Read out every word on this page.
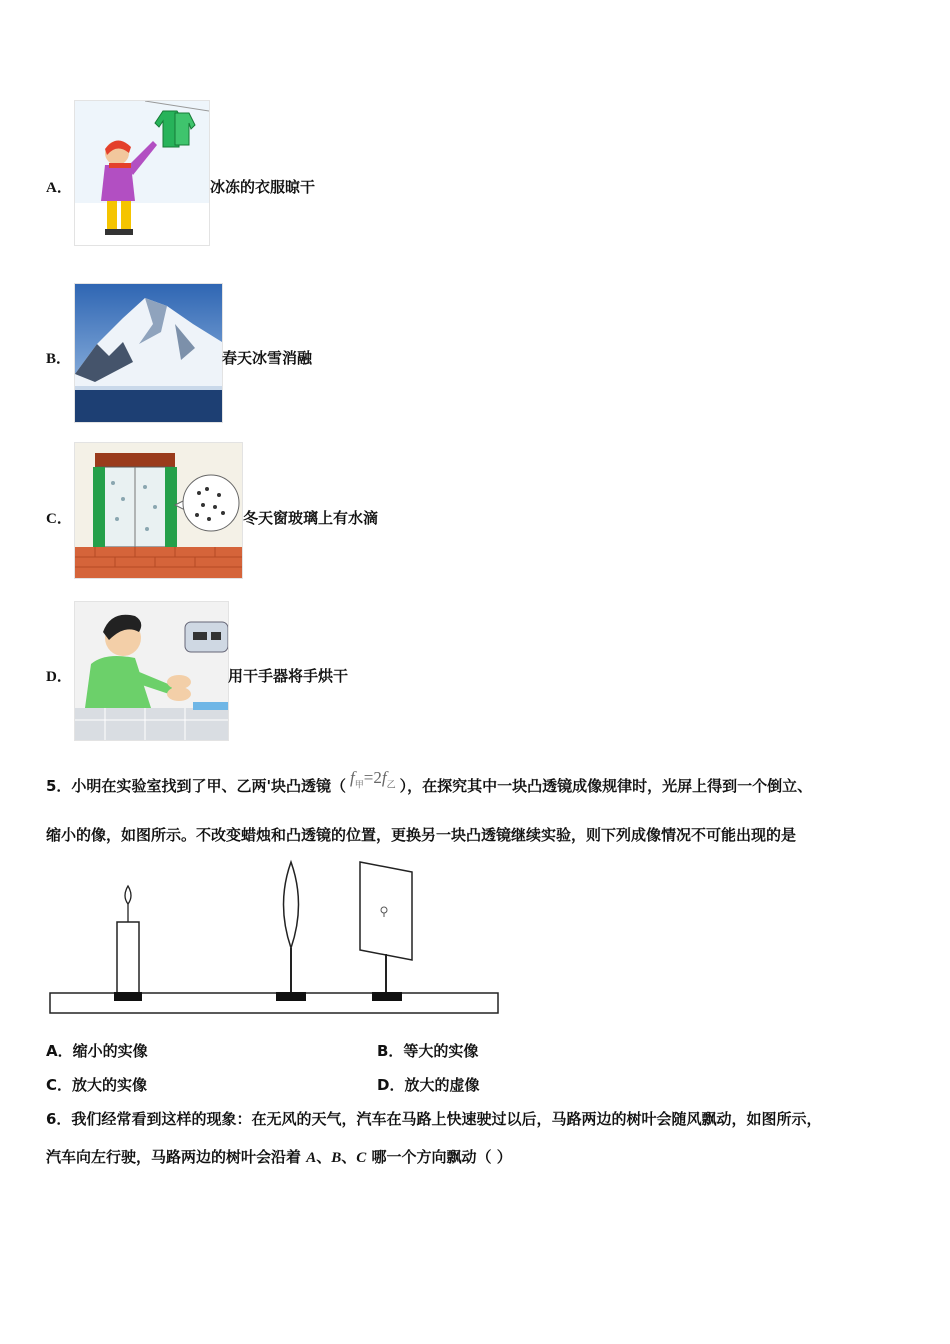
A．	冰冻的衣服晾干
B．	春天冰雪消融
C．	冬天窗玻璃上有水滴
D．	用干手器将手烘干
5．小明在实验室找到了甲、乙两'块凸透镜（ $f_甲=2f_乙$ ），在探究其中一块凸透镜成像规律时，光屏上得到一个倒立、
缩小的像，如图所示。不改变蜡烛和凸透镜的位置，更换另一块凸透镜继续实验，则下列成像情况不可能出现的是
A．缩小的实像	B．等大的实像
C．放大的实像	D．放大的虚像
6．我们经常看到这样的现象：在无风的天气，汽车在马路上快速驶过以后，马路两边的树叶会随风飘动，如图所示，
汽车向左行驶，马路两边的树叶会沿着 A、B、C 哪一个方向飘动（ ）
